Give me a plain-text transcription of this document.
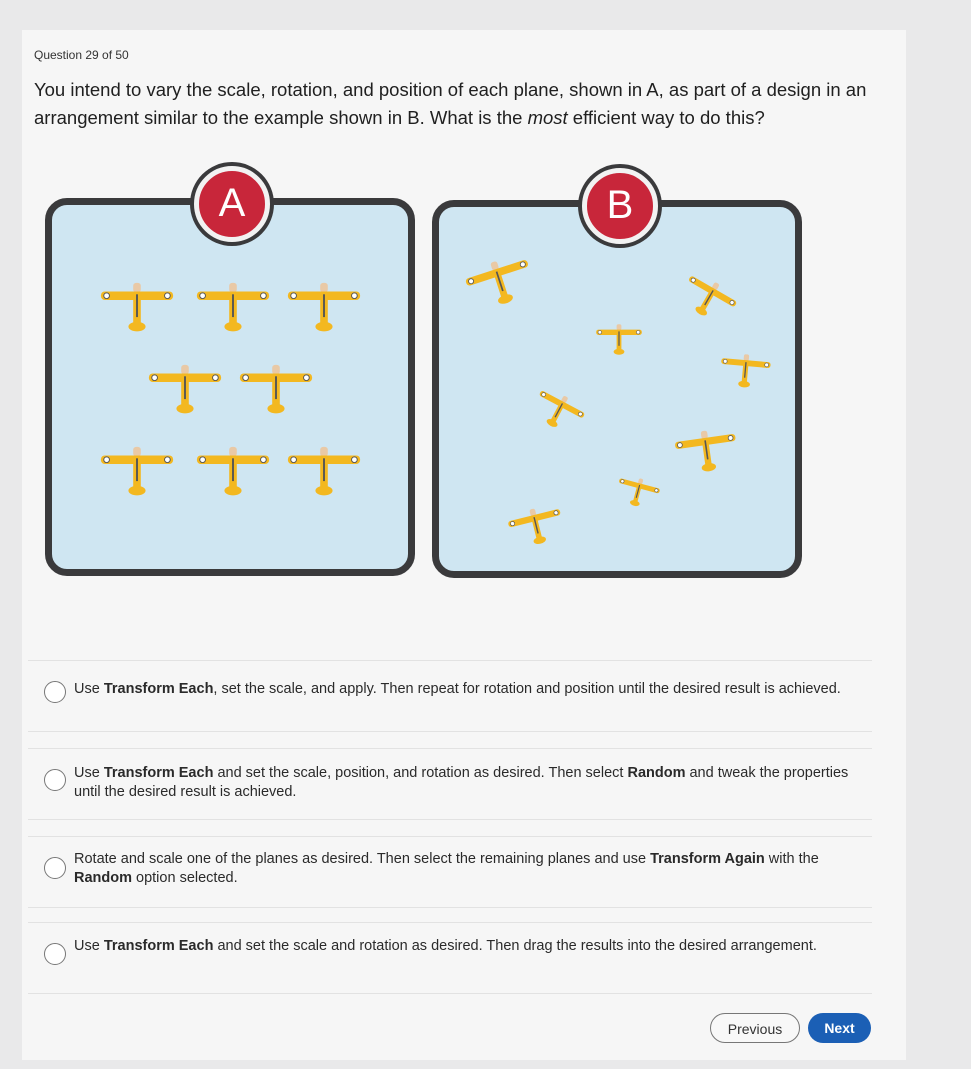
Question 29 of 50
You intend to vary the scale, rotation, and position of each plane, shown in A, as part of a design in an arrangement similar to the example shown in B. What is the most efficient way to do this?
A	B
Use Transform Each, set the scale, and apply. Then repeat for rotation and position until the desired result is achieved.
Use Transform Each and set the scale, position, and rotation as desired. Then select Random and tweak the properties until the desired result is achieved.
Rotate and scale one of the planes as desired. Then select the remaining planes and use Transform Again with the Random option selected.
Use Transform Each and set the scale and rotation as desired. Then drag the results into the desired arrangement.
Previous	Next
